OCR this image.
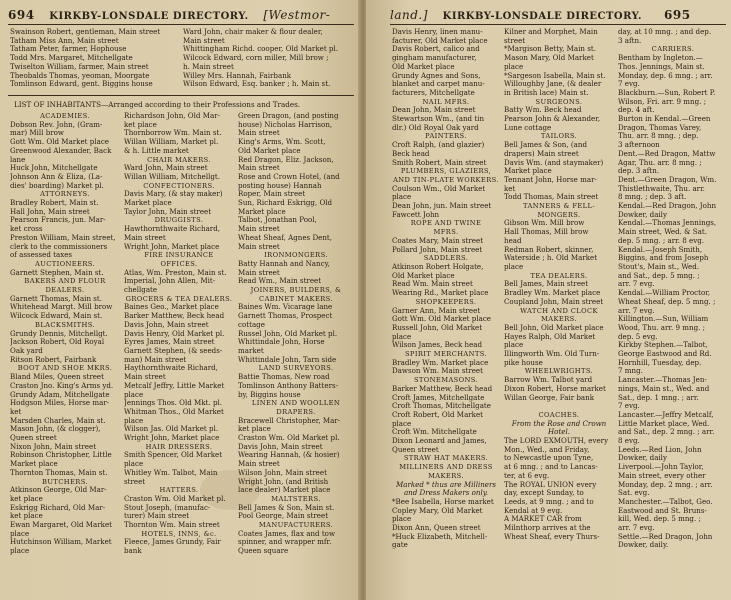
694 KIRKBY-LONSDALE DIRECTORY. [Westmor-
Swainson Robert, gentleman, Main street
Tatham Miss Ann, Main street
Tatham Peter, farmer, Hophouse
Todd Mrs. Margaret, Mitchellgate
Twiselton William, farmer, Main street
Theobalds Thomas, yeoman, Moorgate
Tomlinson Edward, gent. Biggins house
Ward John, chair maker & flour dealer,
Main street
Whittingham Richd. cooper, Old Market pl.
Wilcock Edward, corn miller, Mill brow ;
h. Main street
Willey Mrs. Hannah, Fairbank
Wilson Edward, Esq. banker ; h. Main st.
LIST OF INHABITANTS—Arranged according to their Professions and Trades.
ACADEMIES.
Dobson Rev. John, (Gram-
mar) Mill brow
Gott Wm. Old Market place
Greenwood Alexander, Back
lane
Huck John, Mitchellgate
Johnson Ann & Eliza, (La-
dies' boarding) Market pl.
ATTORNEYS.
Bradley Robert, Main st.
Hall John, Main street
Pearson Francis, jun. Mar-
ket cross
Preston William, Main street,
clerk to the commissioners
of assessed taxes
AUCTIONEERS.
Garnett Stephen, Main st.
BAKERS AND FLOUR
DEALERS.
Garnett Thomas, Main st.
Whitehead Margt. Mill brow
Wilcock Edward, Main st.
BLACKSMITHS.
Grundy Dennis, Mitchellgt.
Jackson Robert, Old Royal
Oak yard
Ritson Robert, Fairbank
BOOT AND SHOE MKRS.
Bland Miles, Queen street
Craston Jno. King's Arms yd.
Grundy Adam, Mitchellgate
Hodgson Miles, Horse mar-
ket
Marsden Charles, Main st.
Mason John, (& clogger),
Queen street
Nixon John, Main street
Robinson Christopher, Little
Market place
Thornton Thomas, Main st.
BUTCHERS.
Atkinson George, Old Mar-
ket place
Eskrigg Richard, Old Mar-
ket place
Ewan Margaret, Old Market
place
Hutchinson William, Market
place
Richardson John, Old Mar-
ket place
Thornborrow Wm. Main st.
Willan William, Market pl.
& h. Little market
CHAIR MAKERS.
Ward John, Main street
Willan William, Mitchellgt.
CONFECTIONERS.
Davis Mary, (& stay maker)
Market place
Taylor John, Main street
DRUGGISTS.
Hawthornthwaite Richard,
Main street
Wright John, Market place
FIRE INSURANCE
OFFICES.
Atlas, Wm. Preston, Main st.
Imperial, John Allen, Mit-
chellgate
GROCERS & TEA DEALERS.
Baines Geo., Market place
Barker Matthew, Beck head
Davis John, Main street
Davis Henry, Old Market pl.
Eyres James, Main street
Garnett Stephen, (& seeds-
man) Main street
Haythornthwaite Richard,
Main street
Metcalf Jeffry, Little Market
place
Jennings Thos. Old Mkt. pl.
Whitman Thos., Old Market
place
Wilson Jas. Old Market pl.
Wright John, Market place
HAIR DRESSERS.
Smith Spencer, Old Market
place
Whitley Wm. Talbot, Main
street
HATTERS.
Craston Wm. Old Market pl.
Stout Joseph, (manufac-
turer) Main street
Thornton Wm. Main street
HOTELS, INNS, &c.
Fleece, James Grundy, Fair
bank
Green Dragon, (and posting
house) Nicholas Harrison,
Main street
King's Arms, Wm. Scott,
Old Market place
Red Dragon, Eliz. Jackson,
Main street
Rose and Crown Hotel, (and
posting house) Hannah
Roper, Main street
Sun, Richard Eskrigg, Old
Market place
Talbot, Jonathan Pool,
Main street
Wheat Sheaf, Agnes Dent,
Main street
IRONMONGERS.
Batty Hannah and Nancy,
Main street
Read Wm., Main street
JOINERS, BUILDERS, &
CABINET MAKERS.
Baines Wm. Vicarage lane
Garnett Thomas, Prospect
cottage
Russel John, Old Market pl.
Whittindale John, Horse
market
Whittindale John, Tarn side
LAND SURVEYORS.
Battie Thomas, New road
Tomlinson Anthony Batters-
by, Biggins house
LINEN AND WOOLLEN
DRAPERS.
Bracewell Christopher, Mar-
ket place
Craston Wm. Old Market pl.
Davis John, Main street
Wearing Hannah, (& hosier)
Main street
Wilson John, Main street
Wright John, (and British
lace dealer) Market place
MALTSTERS.
Bell James & Son, Main st.
Pool George, Main street
MANUFACTURERS.
Coates James, flax and tow
spinner, and wrapper mfr.
Queen square
land.] KIRKBY-LONSDALE DIRECTORY. 695
Davis Henry, linen manu-
facturer, Old Market place
Davis Robert, calico and
gingham manufacturer,
Old Market place
Grundy Agnes and Sons,
blanket and carpet manu-
facturers, Mitchellgate
NAIL MFRS.
Dean John, Main street
Stewartson Wm., (and tin
dlr.) Old Royal Oak yard
PAINTERS.
Croft Ralph, (and glazier)
Beck head
Smith Robert, Main street
PLUMBERS, GLAZIERS,
AND TIN-PLATE WORKERS.
Coulson Wm., Old Market
place
Dean John, jun. Main street
Fawcett John
ROPE AND TWINE
MFRS.
Coates Mary, Main street
Pollard John, Main street
SADDLERS.
Atkinson Robert Holgate,
Old Market place
Read Wm. Main street
Wearing Rd., Market place
SHOPKEEPERS.
Garner Ann, Main street
Gott Wm. Old Market place
Russell John, Old Market
place
Wilson James, Beck head
SPIRIT MERCHANTS.
Bradley Wm. Market place
Dawson Wm. Main street
STONEMASONS.
Barker Matthew, Beck head
Croft James, Mitchellgate
Croft Thomas, Mitchellgate
Croft Robert, Old Market
place
Croft Wm. Mitchellgate
Dixon Leonard and James,
Queen street
STRAW HAT MAKERS.
MILLINERS AND DRESS
MAKERS.
Marked * thus are Milliners
and Dress Makers only.
*Bee Isabella, Horse market
Copley Mary, Old Market
place
Dixon Ann, Queen street
*Huck Elizabeth, Mitchell-
gate
Kilner and Morphet, Main
street
*Margison Betty, Main st.
Mason Mary, Old Market
place
*Sargeson Isabella, Main st.
Willoughby Jane, (& dealer
in British lace) Main st.
SURGEONS.
Batty Wm. Beck head
Pearson John & Alexander,
Lune cottage
TAILORS.
Bell James & Son, (and
drapers) Main street
Davis Wm. (and staymaker)
Market place
Tennant John, Horse mar-
ket
Todd Thomas, Main street
TANNERS & FELL-
MONGERS.
Gibson Wm. Mill brow
Hall Thomas, Mill brow
head
Redman Robert, skinner,
Waterside ; h. Old Market
place
TEA DEALERS.
Bell James, Main street
Bradley Wm. Market place
Coupland John, Main street
WATCH AND CLOCK
MAKERS.
Bell John, Old Market place
Hayes Ralph, Old Market
place
Illingworth Wm. Old Turn-
pike house
WHEELWRIGHTS.
Barrow Wm. Talbot yard
Dixon Robert, Horse market
Willan George, Fair bank

COACHES.
From the Rose and Crown
Hotel.
The LORD EXMOUTH, every
Mon., Wed., and Friday,
to Newcastle upon Tyne,
at 6 mng. ; and to Lancas-
ter, at 6 evg.
The ROYAL UNION every
day, except Sunday, to
Leeds, at 9 mng. ; and to
Kendal at 9 evg.
A MARKET CAR from
Milnthorp arrives at the
Wheat Sheaf, every Thurs-
day, at 10 mng. ; and dep.
3 aftn.
CARRIERS.
Bentham by Ingleton.—
Thos. Jennings, Main st.
Monday, dep. 6 mng. ; arr.
7 evg.
Blackburn.—Sun, Robert P.
Wilson, Fri. arr. 9 mng. ;
dep. 4 aft.
Burton in Kendal.—Green
Dragon, Thomas Varey,
Thu. arr. 8 mng. ; dep.
3 afternoon
Dent.—Red Dragon, Mattw
Agar, Thu. arr. 8 mng. ;
dep. 3 aftn.
Dent.—Green Dragon, Wm.
Thistlethwaite, Thu. arr.
8 mng. ; dep. 3 aft.
Kendal.—Red Dragon, John
Dowker, daily
Kendal.—Thomas Jennings,
Main street, Wed. & Sat.
dep. 5 mng. ; arr. 8 evg.
Kendal.—Joseph Smith,
Biggins, and from Joseph
Stout's, Main st., Wed.
and Sat., dep. 5 mng. ;
arr. 7 evg.
Kendal.—William Proctor,
Wheat Sheaf, dep. 5 mng. ;
arr. 7 evg.
Killington.—Sun, William
Wood, Thu. arr. 9 mng. ;
dep. 5 evg.
Kirkby Stephen.—Talbot,
George Eastwood and Rd.
Hornhill, Tuesday, dep.
7 mng.
Lancaster.—Thomas Jen-
nings, Main st., Wed. and
Sat., dep. 1 mng. ; arr.
7 evg.
Lancaster.—Jeffry Metcalf,
Little Market place, Wed.
and Sat., dep. 2 mng. ; arr.
8 evg.
Leeds.—Red Lion, John
Dowker, daily
Liverpool.—John Taylor,
Main street, every other
Monday, dep. 2 mng. ; arr.
Sat. evg.
Manchester.—Talbot, Geo.
Eastwood and St. Bruns-
kill, Wed. dep. 5 mng. ;
arr. 7 evg.
Settle.—Red Dragon, John
Dowker, daily.
